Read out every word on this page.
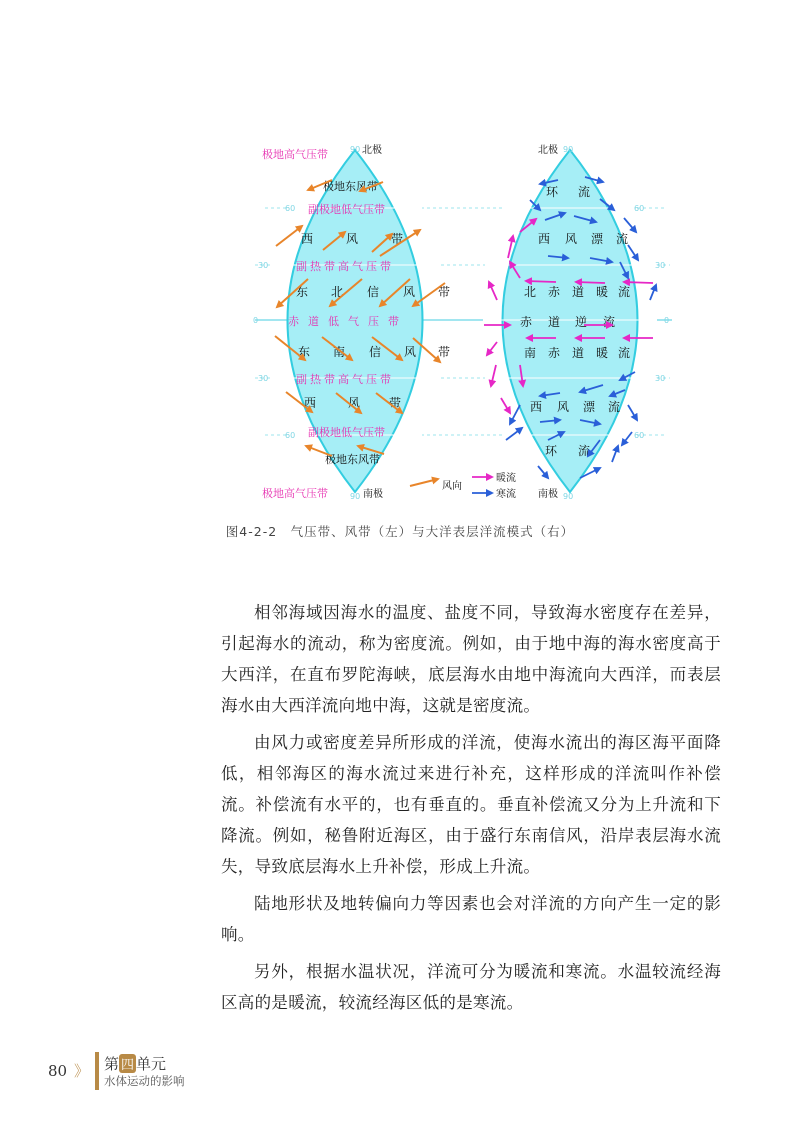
90
60
30
0
30
60
90
90
60
30
0
30
60
90
北极
极地高气压带
极地东风带
副极地低气压带
西	风	带
副热带高气压带
东 北 信 风 带
赤道低气压带
东 南 信 风 带
副热带高气压带
西	风 带
副极地低气压带
极地东风带
极地高气压带	南极
北极
环 流
西 风 漂 流
北 赤 道 暖 流
赤 道 逆 流
南 赤 道 暖 流
西 风 漂 流
环 流
南极
风向
暖流
寒流
图4-2-2　气压带、风带（左）与大洋表层洋流模式（右）

相邻海域因海水的温度、盐度不同，导致海水密度存在差异，引起海水的流动，称为密度流。例如，由于地中海的海水密度高于大西洋，在直布罗陀海峡，底层海水由地中海流向大西洋，而表层海水由大西洋流向地中海，这就是密度流。

由风力或密度差异所形成的洋流，使海水流出的海区海平面降低，相邻海区的海水流过来进行补充，这样形成的洋流叫作补偿流。补偿流有水平的，也有垂直的。垂直补偿流又分为上升流和下降流。例如，秘鲁附近海区，由于盛行东南信风，沿岸表层海水流失，导致底层海水上升补偿，形成上升流。

陆地形状及地转偏向力等因素也会对洋流的方向产生一定的影响。

另外，根据水温状况，洋流可分为暖流和寒流。水温较流经海区高的是暖流，较流经海区低的是寒流。

80 》 第 四 单元
水体运动的影响
